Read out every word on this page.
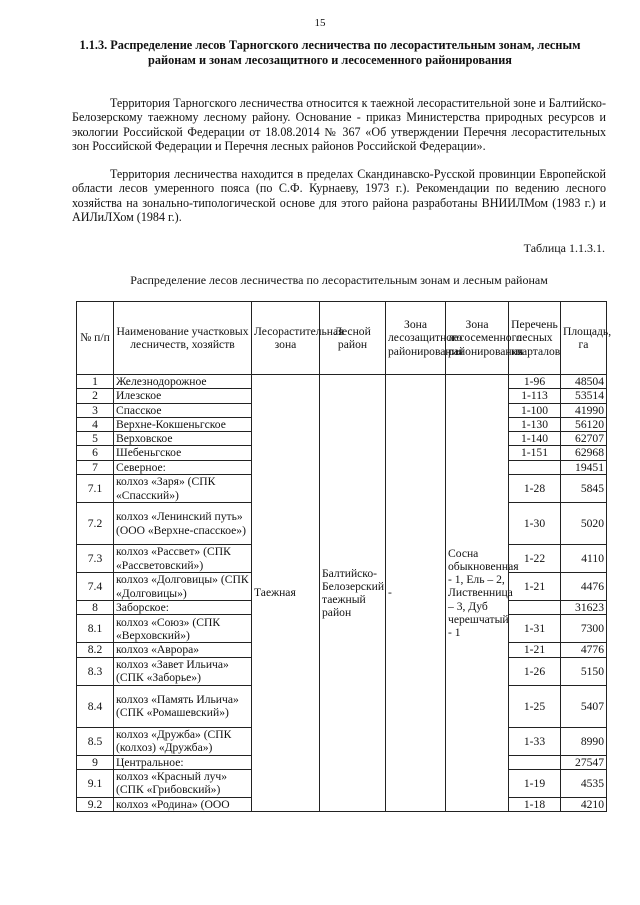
15
1.1.3. Распределение лесов Тарногского лесничества по лесорастительным зонам, лесным районам и зонам лесозащитного и лесосеменного районирования

Территория Тарногского лесничества относится к таежной лесорастительной зоне и Балтийско-Белозерскому таежному лесному району. Основание - приказ Министерства природных ресурсов и экологии Российской Федерации от 18.08.2014 № 367 «Об утверждении Перечня лесорастительных зон Российской Федерации и Перечня лесных районов Российской Федерации».

Территория лесничества находится в пределах Скандинавско-Русской провинции Европейской области лесов умеренного пояса (по С.Ф. Курнаеву, 1973 г.). Рекомендации по ведению лесного хозяйства на зонально-типологической основе для этого района разработаны ВНИИЛМом (1983 г.) и АИЛиЛХом (1984 г.).

Таблица 1.1.3.1.
Распределение лесов лесничества по лесорастительным зонам и лесным районам
№ п/п	Наименование участковых лесничеств, хозяйств	Лесорастительная зона	Лесной район	Зона лесозащитного районирования	Зона лесосеменного районирования	Перечень лесных кварталов	Площадь, га
1	Железнодорожное	Таежная	Балтийско-Белозерский таежный район	-	Сосна обыкновенная - 1, Ель – 2, Лиственница – 3, Дуб черешчатый - 1	1-96	48504
2	Илезское					1-113	53514
3	Спасское					1-100	41990
4	Верхне-Кокшеньгское					1-130	56120
5	Верховское					1-140	62707
6	Шебеньгское					1-151	62968
7	Северное:						19451
7.1	колхоз «Заря» (СПК «Спасский»)					1-28	5845
7.2	колхоз «Ленинский путь» (ООО «Верхне-спасское»)					1-30	5020
7.3	колхоз «Рассвет» (СПК «Рассветовский»)					1-22	4110
7.4	колхоз «Долговицы» (СПК «Долговицы»)					1-21	4476
8	Заборское:						31623
8.1	колхоз «Союз» (СПК «Верховский»)					1-31	7300
8.2	колхоз «Аврора»					1-21	4776
8.3	колхоз «Завет Ильича» (СПК «Заборье»)					1-26	5150
8.4	колхоз «Память Ильича» (СПК «Ромашевский»)					1-25	5407
8.5	колхоз «Дружба» (СПК (колхоз) «Дружба»)					1-33	8990
9	Центральное:						27547
9.1	колхоз «Красный луч» (СПК «Грибовский»)					1-19	4535
9.2	колхоз «Родина» (ООО					1-18	4210
